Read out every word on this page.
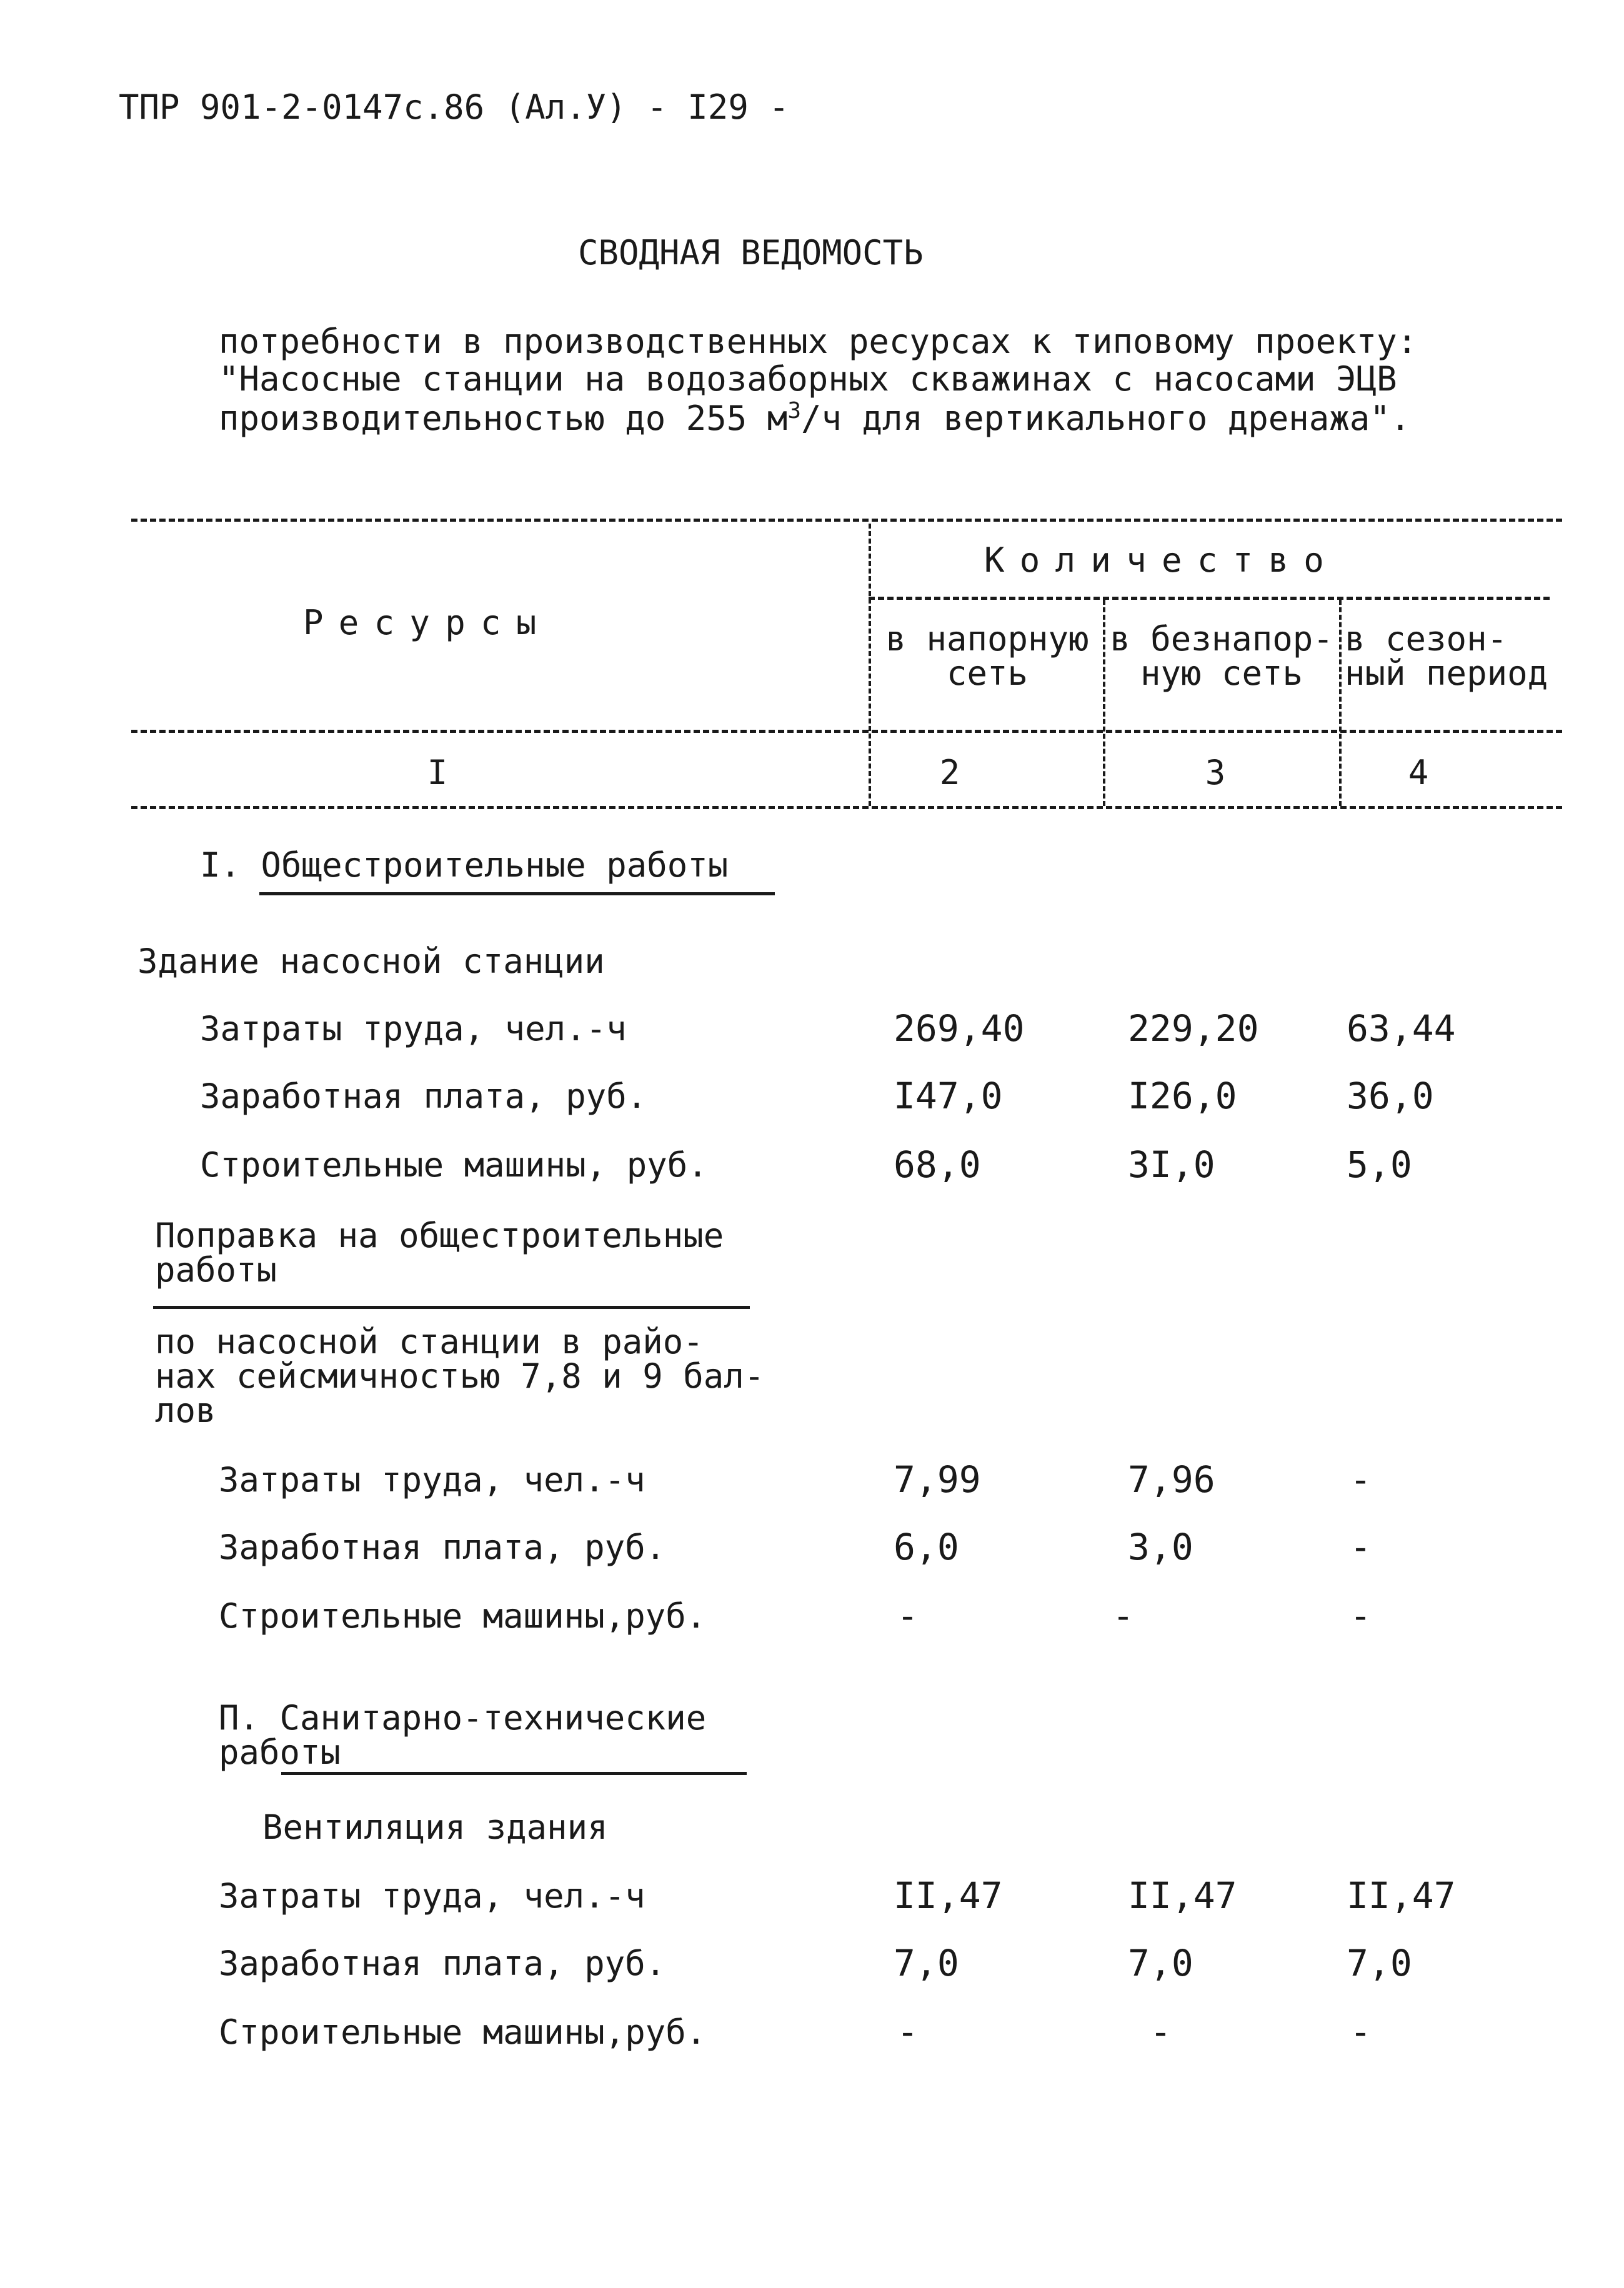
ТПР 901-2-0147с.86 (Ал.У) - I29 -
СВОДНАЯ ВЕДОМОСТЬ
потребности в производственных ресурсах к типовому проекту:
"Насосные станции на водозаборных скважинах с насосами ЭЦВ
производительностью до 255 $м^3/ч$ для вертикального дренажа".
Ресурсы
Количество
в напорную
сеть
в безнапор-
ную сеть
в сезон-
ный период
I	2	3	4
I. Общестроительные работы
Здание насосной станции
Затраты труда, чел.-ч	269,40	229,20 63,44
Заработная плата, руб.	I47,0	I26,0	36,0
Строительные машины, руб.	68,0	3I,0	5,0
Поправка на общестроительные
работы
по насосной станции в райо-
нах сейсмичностью 7,8 и 9 бал-
лов
Затраты труда, чел.-ч	7,99	7,96	-
Заработная плата, руб.	6,0	3,0	-
Строительные машины,руб.	-	-	-
П. Санитарно-технические
работы
Вентиляция здания
Затраты труда, чел.-ч	II,47	II,47	II,47
Заработная плата, руб.	7,0	7,0	7,0
Строительные машины,руб.	-	-	-
